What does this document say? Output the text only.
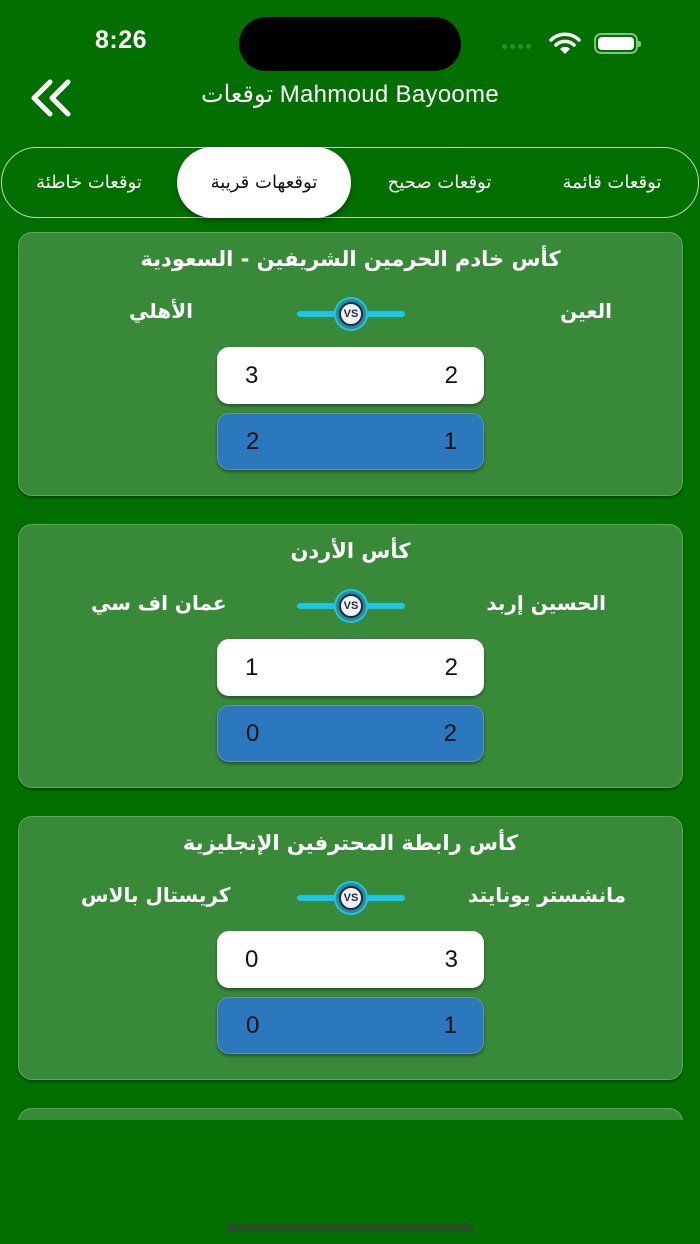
8:26
توقعات Mahmoud Bayoome
توقعات قائمة
توقعات صحيح
توقعهات قريبة
توقعات خاطئة
كأس خادم الحرمين الشريفين - السعودية
العين
VS
الأهلي
3	2
2	1
كأس الأردن
الحسين إربد
VS
عمان اف سي
1	2
0	2
كأس رابطة المحترفين الإنجليزية
مانشستر يونايتد
VS
كريستال بالاس
0	3
0	1
